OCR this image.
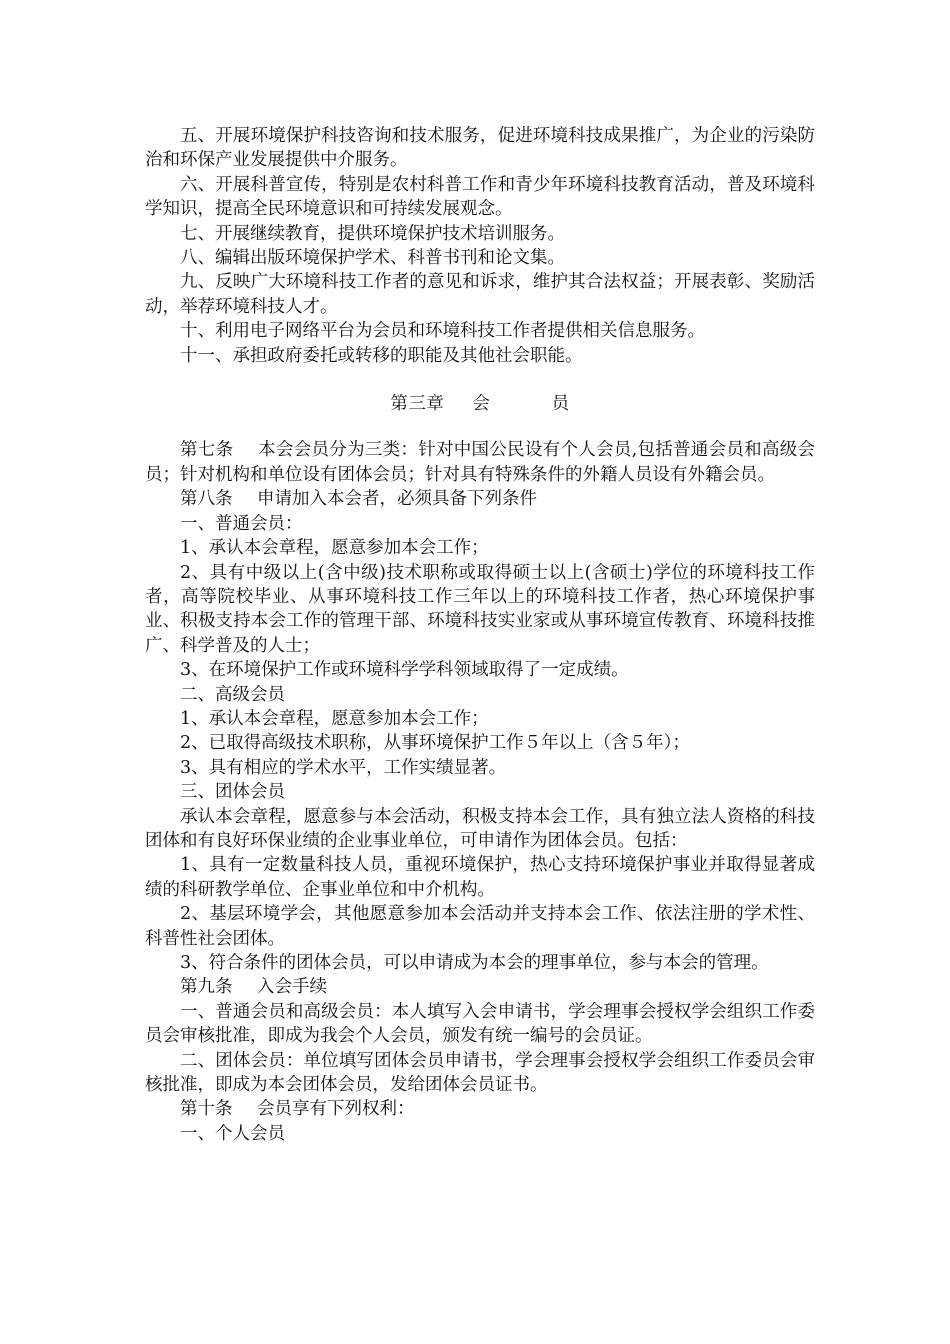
五、开展环境保护科技咨询和技术服务，促进环境科技成果推广，为企业的污染防治和环保产业发展提供中介服务。

六、开展科普宣传，特别是农村科普工作和青少年环境科技教育活动，普及环境科学知识，提高全民环境意识和可持续发展观念。

七、开展继续教育，提供环境保护技术培训服务。

八、编辑出版环境保护学术、科普书刊和论文集。

九、反映广大环境科技工作者的意见和诉求，维护其合法权益；开展表彰、奖励活动，举荐环境科技人才。

十、利用电子网络平台为会员和环境科技工作者提供相关信息服务。

十一、承担政府委托或转移的职能及其他社会职能。

第三章 会	员

第七条 本会会员分为三类：针对中国公民设有个人会员,包括普通会员和高级会员；针对机构和单位设有团体会员；针对具有特殊条件的外籍人员设有外籍会员。

第八条 申请加入本会者，必须具备下列条件

一、普通会员：

1、承认本会章程，愿意参加本会工作；

2、具有中级以上(含中级)技术职称或取得硕士以上(含硕士)学位的环境科技工作者，高等院校毕业、从事环境科技工作三年以上的环境科技工作者，热心环境保护事业、积极支持本会工作的管理干部、环境科技实业家或从事环境宣传教育、环境科技推广、科学普及的人士；

3、在环境保护工作或环境科学学科领域取得了一定成绩。

二、高级会员

1、承认本会章程，愿意参加本会工作；

2、已取得高级技术职称，从事环境保护工作５年以上（含５年）；

3、具有相应的学术水平，工作实绩显著。

三、团体会员

承认本会章程，愿意参与本会活动，积极支持本会工作，具有独立法人资格的科技团体和有良好环保业绩的企业事业单位，可申请作为团体会员。包括：

1、具有一定数量科技人员，重视环境保护，热心支持环境保护事业并取得显著成绩的科研教学单位、企事业单位和中介机构。

2、基层环境学会，其他愿意参加本会活动并支持本会工作、依法注册的学术性、科普性社会团体。

3、符合条件的团体会员，可以申请成为本会的理事单位，参与本会的管理。

第九条 入会手续

一、普通会员和高级会员：本人填写入会申请书，学会理事会授权学会组织工作委员会审核批准，即成为我会个人会员，颁发有统一编号的会员证。

二、团体会员：单位填写团体会员申请书，学会理事会授权学会组织工作委员会审核批准，即成为本会团体会员，发给团体会员证书。

第十条 会员享有下列权利：

一、个人会员
